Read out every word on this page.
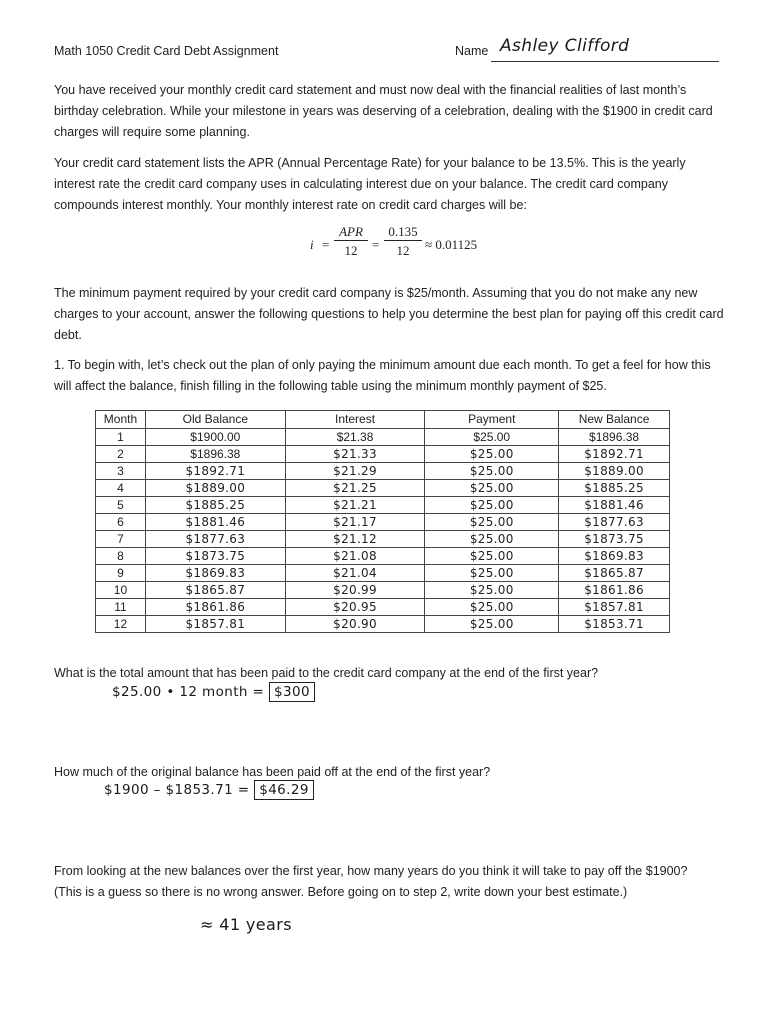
Math 1050 Credit Card Debt Assignment	Name Ashley Clifford
You have received your monthly credit card statement and must now deal with the financial realities of last month’s birthday celebration. While your milestone in years was deserving of a celebration, dealing with the $1900 in credit card charges will require some planning.
Your credit card statement lists the APR (Annual Percentage Rate) for your balance to be 13.5%. This is the yearly interest rate the credit card company uses in calculating interest due on your balance. The credit card company compounds interest monthly. Your monthly interest rate on credit card charges will be:
i =
APR
12	= $\frac{0.135}{12} \approx 0.01125$
The minimum payment required by your credit card company is $25/month. Assuming that you do not make any new charges to your account, answer the following questions to help you determine the best plan for paying off this credit card debt.
1. To begin with, let’s check out the plan of only paying the minimum amount due each month. To get a feel for how this will affect the balance, finish filling in the following table using the minimum monthly payment of $25.
Month	Old Balance	Interest	Payment	New Balance
1	$1900.00	$21.38	$25.00	$1896.38
2	$1896.38	$21.33	$25.00	$1892.71
3	$1892.71	$21.29	$25.00	$1889.00
4	$1889.00	$21.25	$25.00	$1885.25
5	$1885.25	$21.21	$25.00	$1881.46
6	$1881.46	$21.17	$25.00	$1877.63
7	$1877.63	$21.12	$25.00	$1873.75
8	$1873.75	$21.08	$25.00	$1869.83
9	$1869.83	$21.04	$25.00	$1865.87
10	$1865.87	$20.99	$25.00	$1861.86
11	$1861.86	$20.95	$25.00	$1857.81
12	$1857.81	$20.90	$25.00	$1853.71
What is the total amount that has been paid to the credit card company at the end of the first year?
$25.00 • 12 month = $300
How much of the original balance has been paid off at the end of the first year?
$1900 – $1853.71 = $46.29
From looking at the new balances over the first year, how many years do you think it will take to pay off the $1900?
(This is a guess so there is no wrong answer. Before going on to step 2, write down your best estimate.)
≈ 41 years
